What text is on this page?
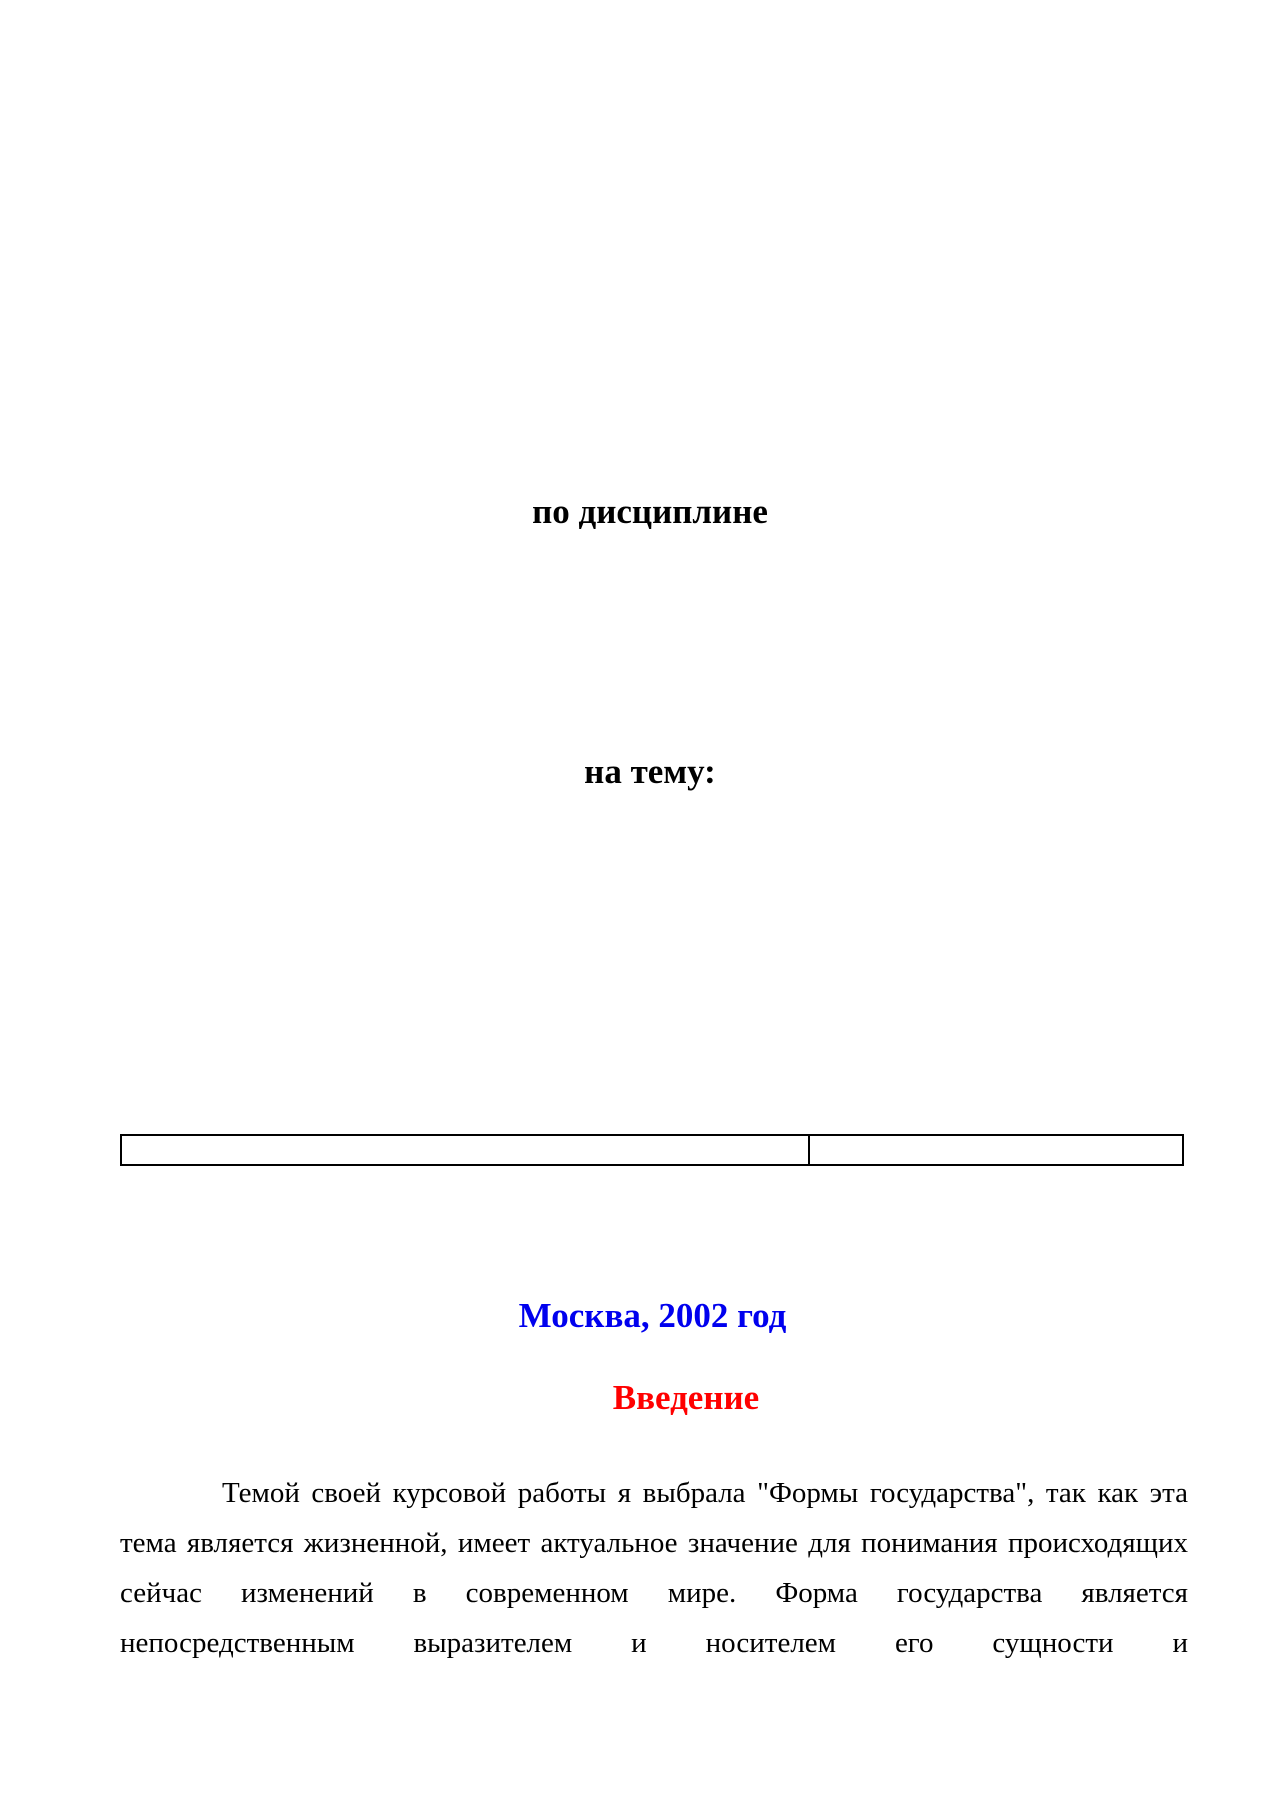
по дисциплине
на тему:

Москва, 2002 год
Введение

Темой своей курсовой работы я выбрала "Формы государства", так как эта тема является жизненной, имеет актуальное значение для понимания происходящих сейчас изменений в современном мире. Форма государства является непосредственным выразителем и носителем его сущности и
